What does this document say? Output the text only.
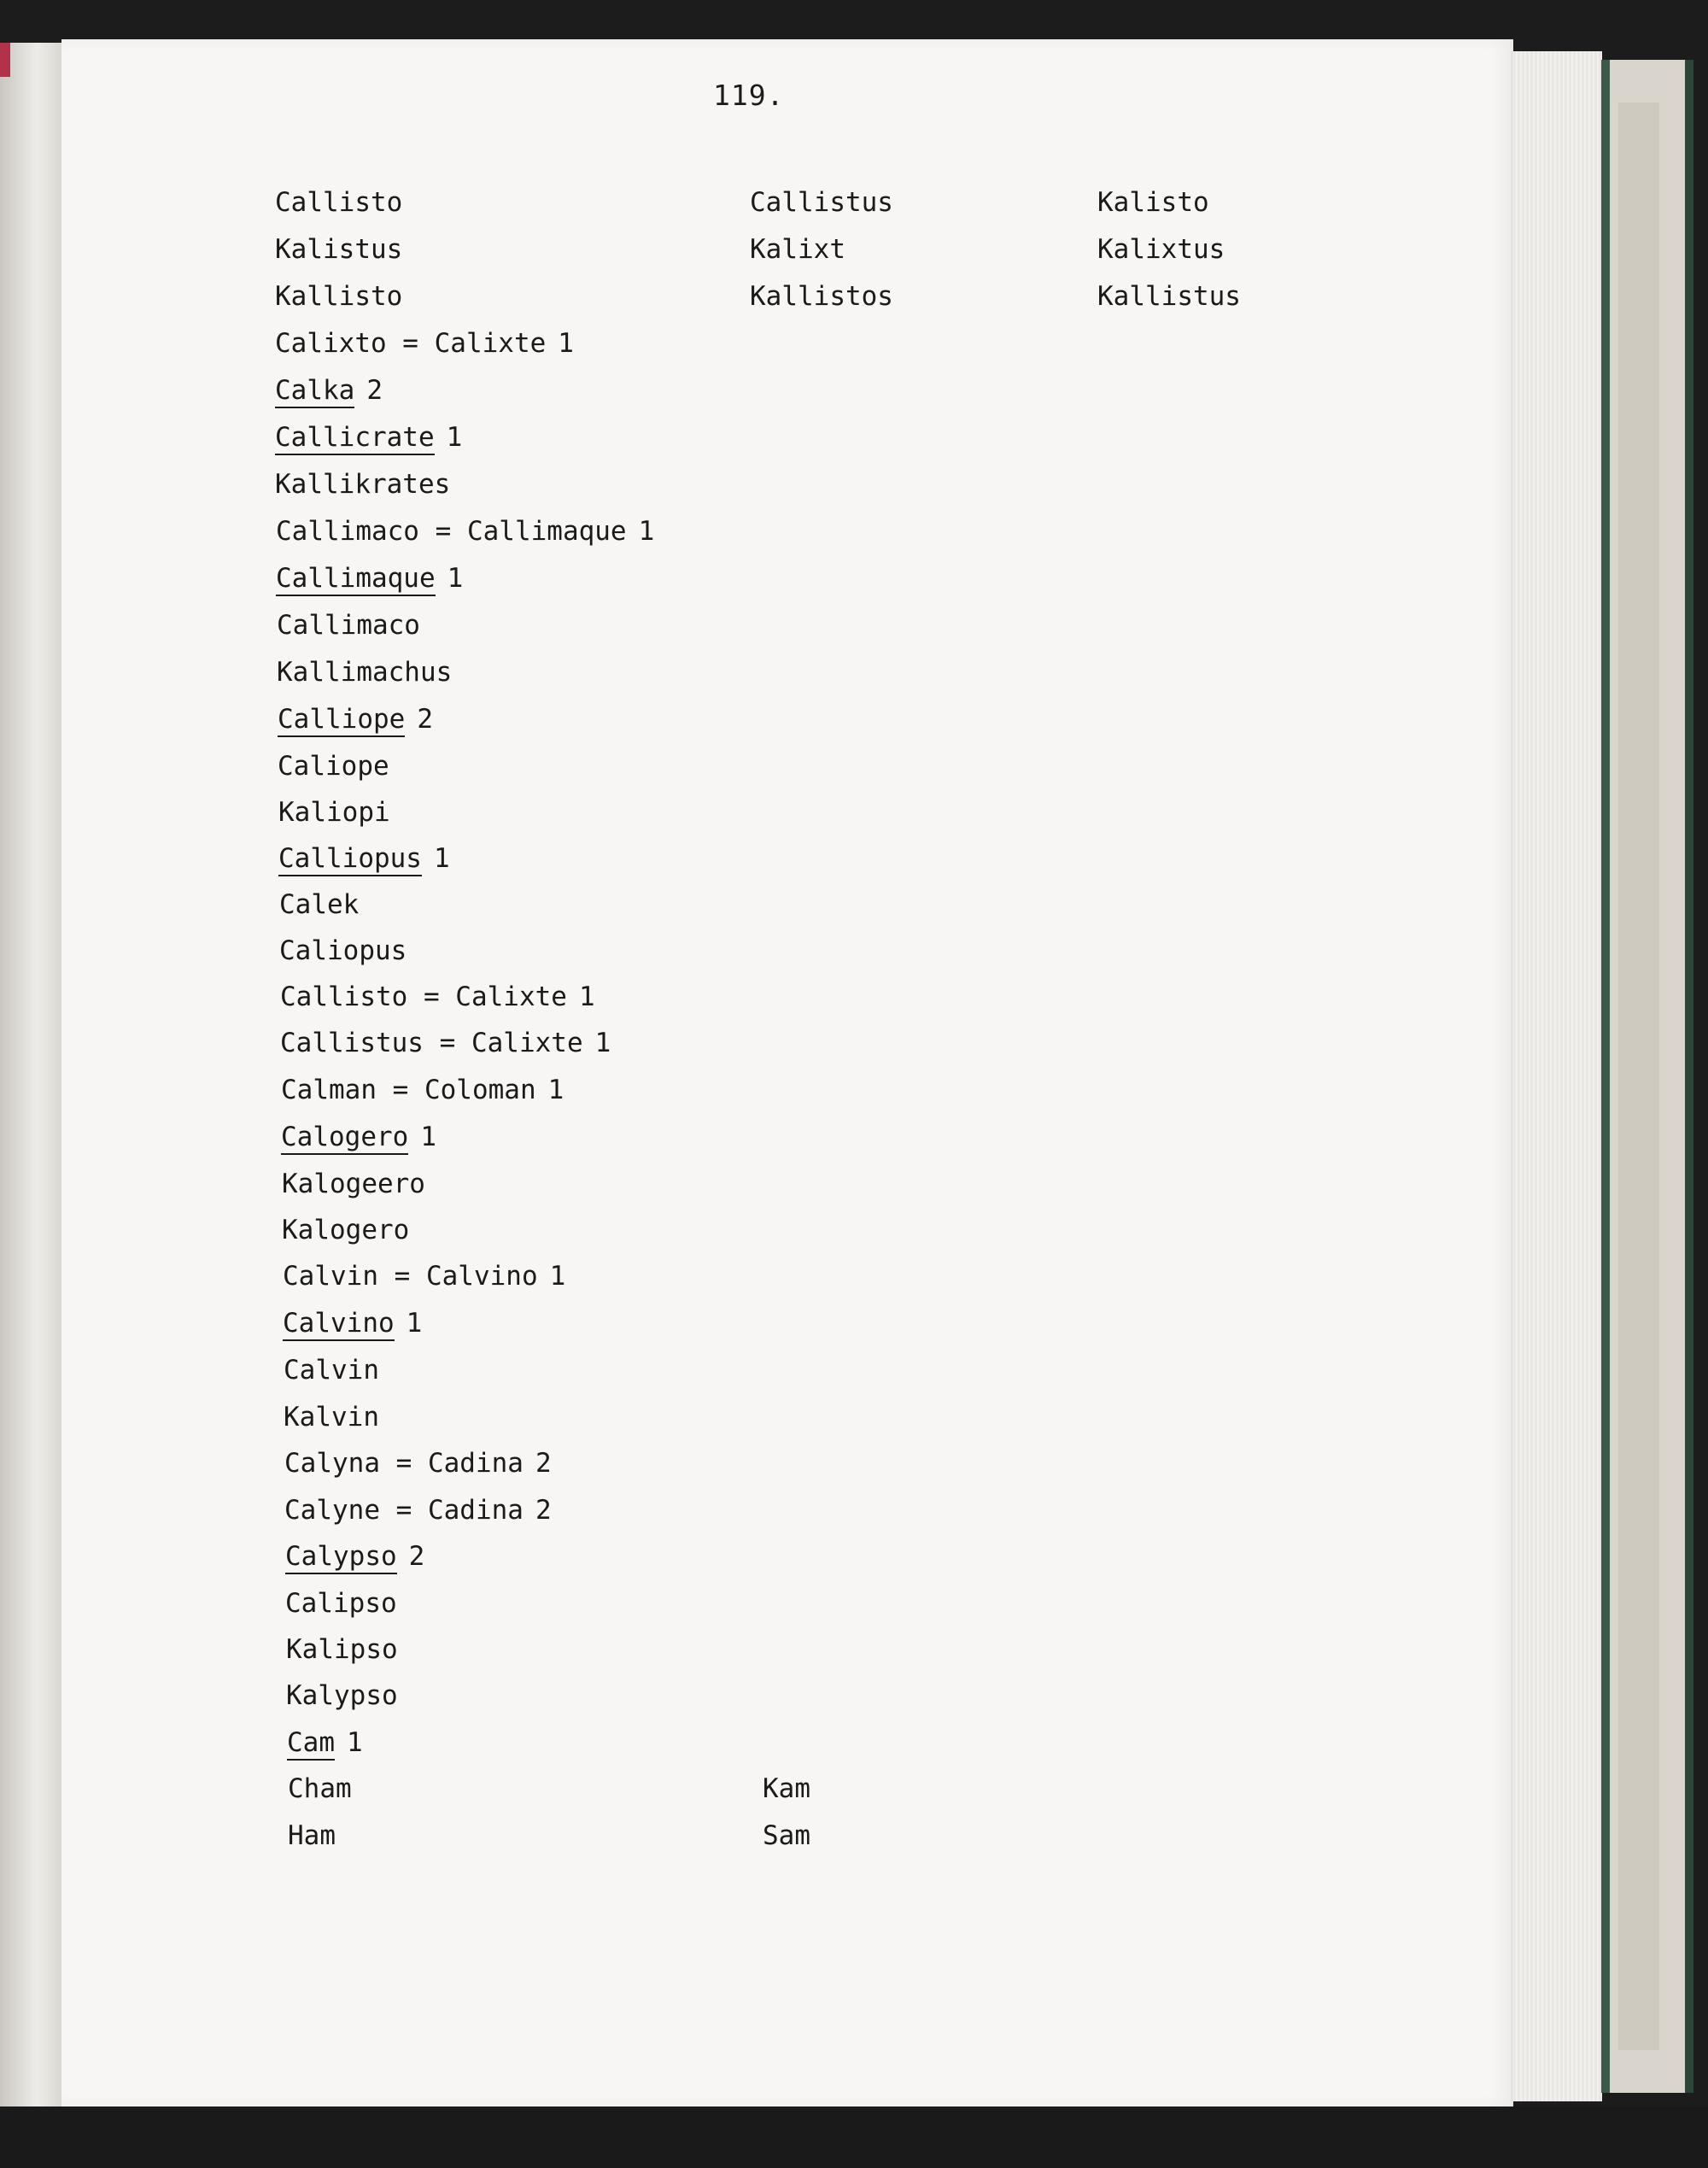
119.
Callisto
Kalistus
Kallisto
Calixto = Calixte 1
Calka 2
Callicrate 1
Kallikrates
Callimaco = Callimaque 1
Callimaque 1
Callimaco
Kallimachus
Calliope 2
Caliope
Kaliopi
Calliopus 1
Calek
Caliopus
Callisto = Calixte 1
Callistus = Calixte 1
Calman = Coloman 1
Calogero 1
Kalogeero
Kalogero
Calvin = Calvino 1
Calvino 1
Calvin
Kalvin
Calyna = Cadina 2
Calyne = Cadina 2
Calypso 2
Calipso
Kalipso
Kalypso
Cam 1
Cham
Ham
Callistus
Kalixt
Kallistos
Kalisto
Kalixtus
Kallistus
Kam
Sam
